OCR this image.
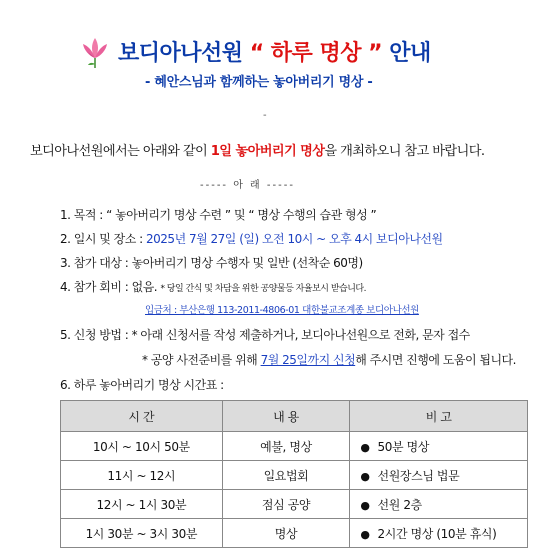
보디아나선원 “ 하루 명상 ” 안내
- 혜안스님과 함께하는 놓아버리기 명상 -
-
보디아나선원에서는 아래와 같이 1일 놓아버리기 명상을 개최하오니 참고 바랍니다.
----- 아 래 -----
1. 목적 : “ 놓아버리기 명상 수련 ” 및 “ 명상 수행의 습관 형성 ”
2. 일시 및 장소 : 2025년 7월 27일 (일) 오전 10시 ~ 오후 4시 보디아나선원
3. 참가 대상 : 놓아버리기 명상 수행자 및 일반 (선착순 60명)
4. 참가 회비 : 없음. * 당일 간식 및 차담을 위한 공양물등 자율보시 받습니다.
입금처 : 부산은행 113-2011-4806-01 대한불교조계종 보디아나선원
5. 신청 방법 : * 아래 신청서를 작성 제출하거나, 보디아나선원으로 전화, 문자 접수
* 공양 사전준비를 위해 7월 25일까지 신청해 주시면 진행에 도움이 됩니다.
6. 하루 놓아버리기 명상 시간표 :
시 간	내 용	비 고
10시 ~ 10시 50분	예불, 명상	● 50분 명상
11시 ~ 12시	일요법회	● 선원장스님 법문
12시 ~ 1시 30분	점심 공양	● 선원 2층
1시 30분 ~ 3시 30분	명상	● 2시간 명상 (10분 휴식)
